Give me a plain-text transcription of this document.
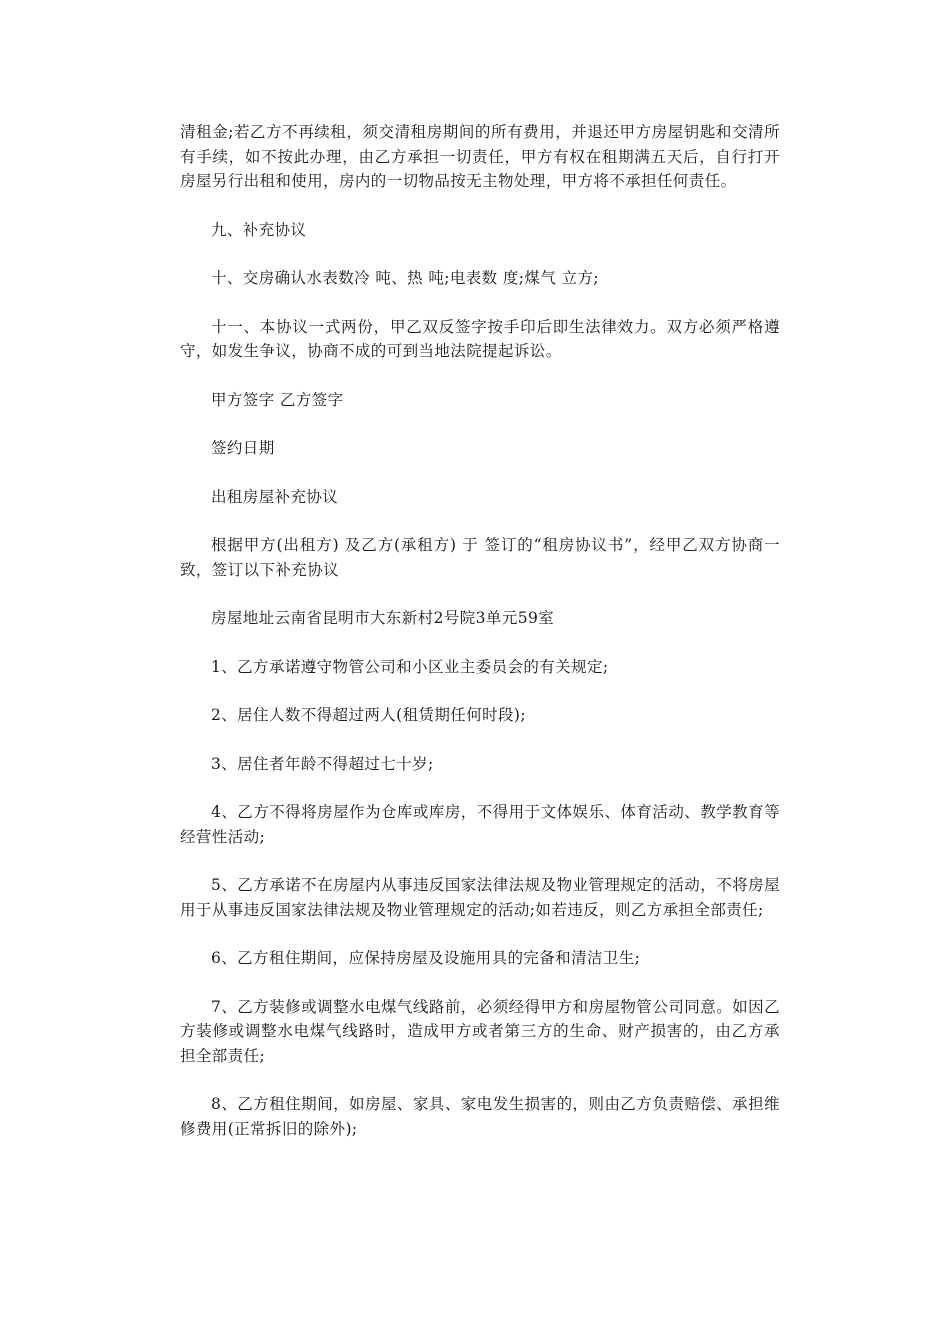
清租金;若乙方不再续租，须交清租房期间的所有费用，并退还甲方房屋钥匙和交清所有手续，如不按此办理，由乙方承担一切责任，甲方有权在租期满五天后，自行打开房屋另行出租和使用，房内的一切物品按无主物处理，甲方将不承担任何责任。

九、补充协议

十、交房确认水表数冷 吨、热 吨;电表数 度;煤气 立方;

十一、本协议一式两份，甲乙双反签字按手印后即生法律效力。双方必须严格遵守，如发生争议，协商不成的可到当地法院提起诉讼。

甲方签字 乙方签字

签约日期

出租房屋补充协议

根据甲方(出租方) 及乙方(承租方) 于 签订的“租房协议书”，经甲乙双方协商一致，签订以下补充协议

房屋地址云南省昆明市大东新村2号院3单元59室

1、乙方承诺遵守物管公司和小区业主委员会的有关规定;

2、居住人数不得超过两人(租赁期任何时段);

3、居住者年龄不得超过七十岁;

4、乙方不得将房屋作为仓库或库房，不得用于文体娱乐、体育活动、教学教育等经营性活动;

5、乙方承诺不在房屋内从事违反国家法律法规及物业管理规定的活动，不将房屋用于从事违反国家法律法规及物业管理规定的活动;如若违反，则乙方承担全部责任;

6、乙方租住期间，应保持房屋及设施用具的完备和清洁卫生;

7、乙方装修或调整水电煤气线路前，必须经得甲方和房屋物管公司同意。如因乙方装修或调整水电煤气线路时，造成甲方或者第三方的生命、财产损害的，由乙方承担全部责任;

8、乙方租住期间，如房屋、家具、家电发生损害的，则由乙方负责赔偿、承担维修费用(正常拆旧的除外);
